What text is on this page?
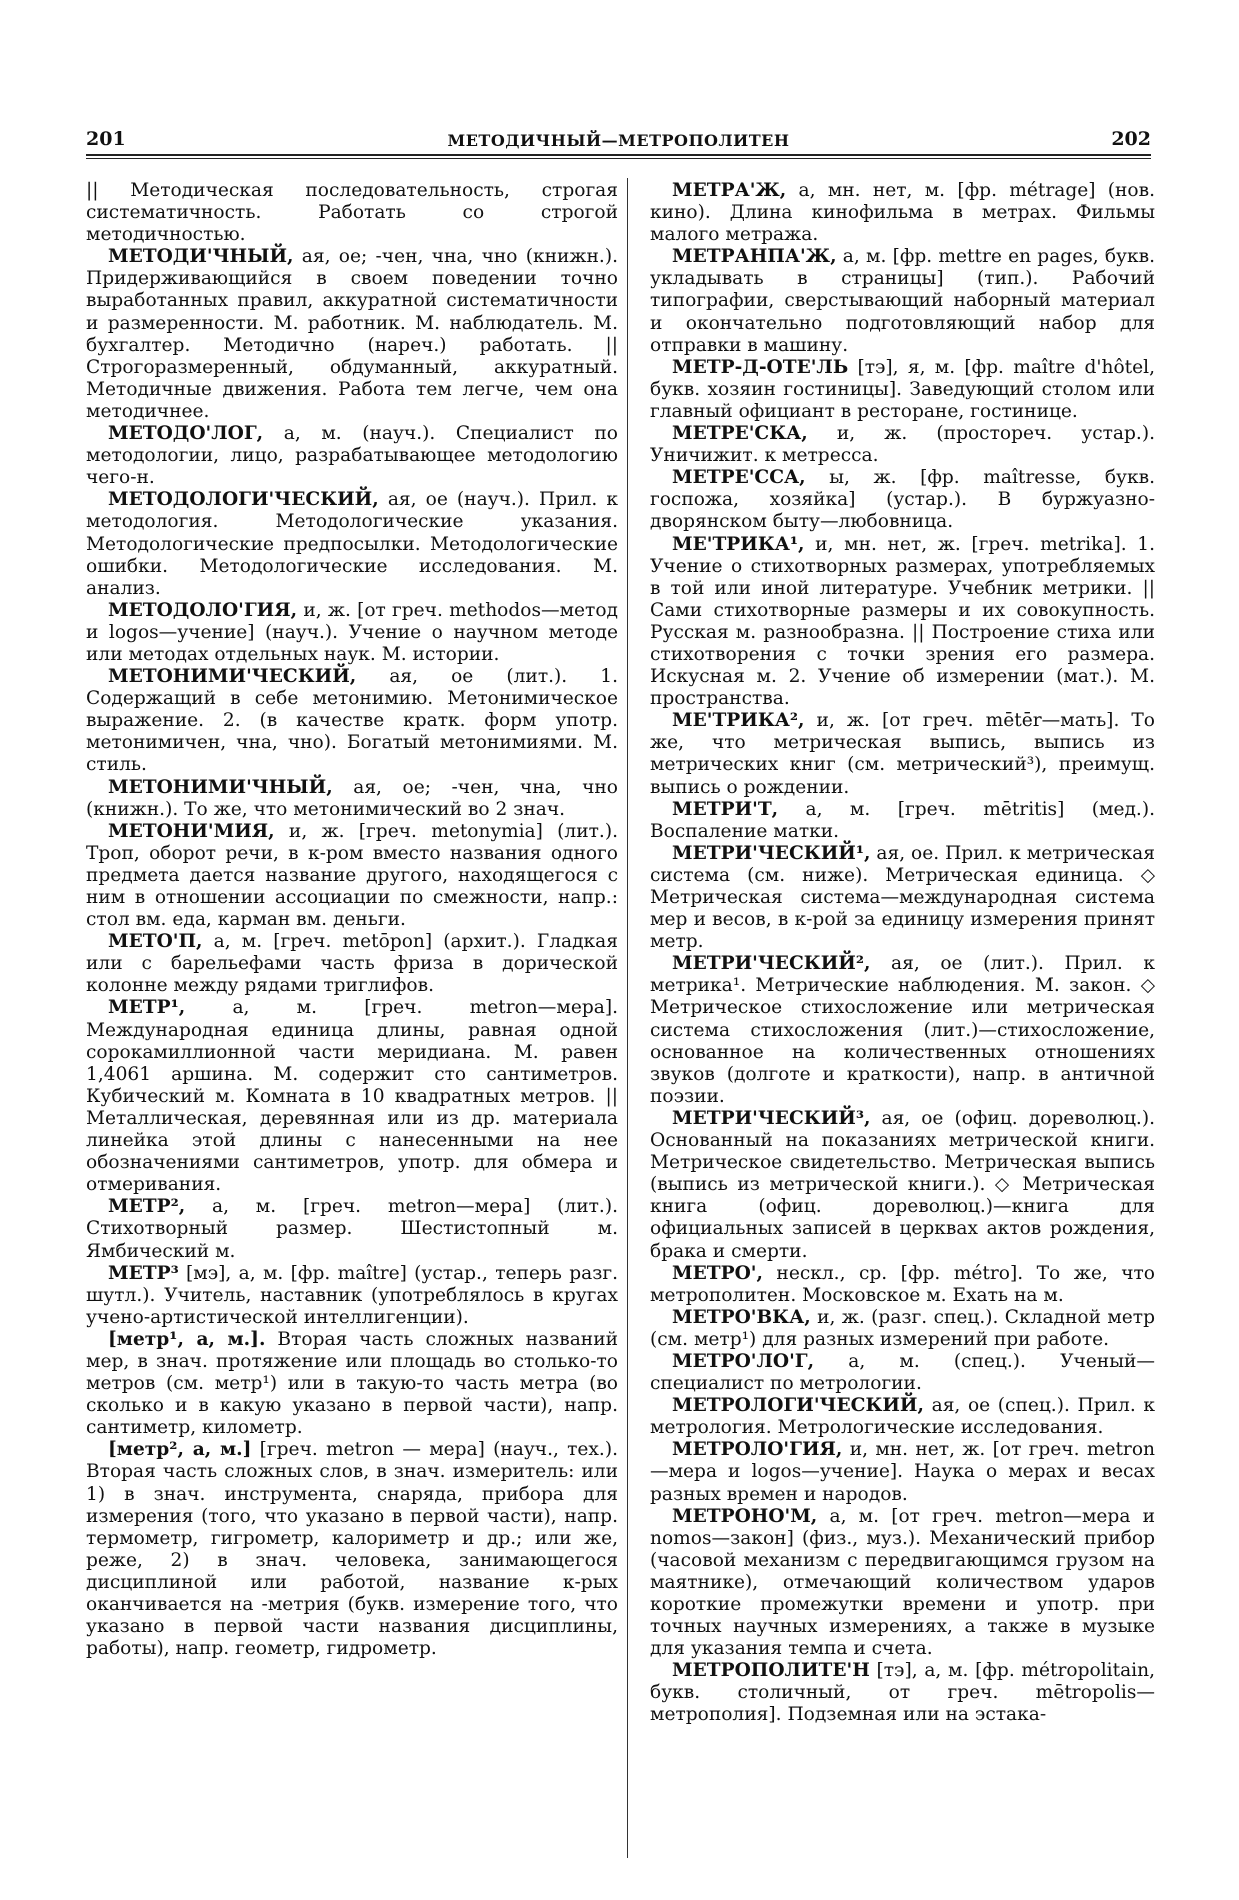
201	МЕТОДИЧНЫЙ—МЕТРОПОЛИТЕН	202

|| Методическая последовательность, строгая систематичность. Работать со строгой методичностью.

МЕТОДИ'ЧНЫЙ, ая, ое; -чен, чна, чно (книжн.). Придерживающийся в своем поведении точно выработанных правил, аккуратной систематичности и размеренности. М. работник. М. наблюдатель. М. бухгалтер. Методично (нареч.) работать. || Строгоразмеренный, обдуманный, аккуратный. Методичные движения. Работа тем легче, чем она методичнее.

МЕТОДО'ЛОГ, а, м. (науч.). Специалист по методологии, лицо, разрабатывающее методологию чего-н.

МЕТОДОЛОГИ'ЧЕСКИЙ, ая, ое (науч.). Прил. к методология. Методологические указания. Методологические предпосылки. Методологические ошибки. Методологические исследования. М. анализ.

МЕТОДОЛО'ГИЯ, и, ж. [от греч. methodos—метод и logos—учение] (науч.). Учение о научном методе или методах отдельных наук. М. истории.

МЕТОНИМИ'ЧЕСКИЙ, ая, ое (лит.). 1. Содержащий в себе метонимию. Метонимическое выражение. 2. (в качестве кратк. форм употр. метонимичен, чна, чно). Богатый метонимиями. М. стиль.

МЕТОНИМИ'ЧНЫЙ, ая, ое; -чен, чна, чно (книжн.). То же, что метонимический во 2 знач.

МЕТОНИ'МИЯ, и, ж. [греч. metonymia] (лит.). Троп, оборот речи, в к-ром вместо названия одного предмета дается название другого, находящегося с ним в отношении ассоциации по смежности, напр.: стол вм. еда, карман вм. деньги.

МЕТО'П, а, м. [греч. metōpon] (архит.). Гладкая или с барельефами часть фриза в дорической колонне между рядами триглифов.

МЕТР¹, а, м. [греч. metron—мера]. Международная единица длины, равная одной сорокамиллионной части меридиана. М. равен 1,4061 аршина. М. содержит сто сантиметров. Кубический м. Комната в 10 квадратных метров. || Металлическая, деревянная или из др. материала линейка этой длины с нанесенными на нее обозначениями сантиметров, употр. для обмера и отмеривания.

МЕТР², а, м. [греч. metron—мера] (лит.). Стихотворный размер. Шестистопный м. Ямбический м.

МЕТР³ [мэ], а, м. [фр. maître] (устар., теперь разг. шутл.). Учитель, наставник (употреблялось в кругах учено-артистической интеллигенции).

[метр¹, а, м.]. Вторая часть сложных названий мер, в знач. протяжение или площадь во столько-то метров (см. метр¹) или в такую-то часть метра (во сколько и в какую указано в первой части), напр. сантиметр, километр.

[метр², а, м.] [греч. metron — мера] (науч., тех.). Вторая часть сложных слов, в знач. измеритель: или 1) в знач. инструмента, снаряда, прибора для измерения (того, что указано в первой части), напр. термометр, гигрометр, калориметр и др.; или же, реже, 2) в знач. человека, занимающегося дисциплиной или работой, название к-рых оканчивается на -метрия (букв. измерение того, что указано в первой части названия дисциплины, работы), напр. геометр, гидрометр.

МЕТРА'Ж, а, мн. нет, м. [фр. métrage] (нов. кино). Длина кинофильма в метрах. Фильмы малого метража.

МЕТРАНПА'Ж, а, м. [фр. mettre en pages, букв. укладывать в страницы] (тип.). Рабочий типографии, сверстывающий наборный материал и окончательно подготовляющий набор для отправки в машину.

МЕТР-Д-ОТЕ'ЛЬ [тэ], я, м. [фр. maître d'hôtel, букв. хозяин гостиницы]. Заведующий столом или главный официант в ресторане, гостинице.

МЕТРЕ'СКА, и, ж. (простореч. устар.). Уничижит. к метресса.

МЕТРЕ'ССА, ы, ж. [фр. maîtresse, букв. госпожа, хозяйка] (устар.). В буржуазно-дворянском быту—любовница.

МЕ'ТРИКА¹, и, мн. нет, ж. [греч. metrikа]. 1. Учение о стихотворных размерах, употребляемых в той или иной литературе. Учебник метрики. || Сами стихотворные размеры и их совокупность. Русская м. разнообразна. || Построение стиха или стихотворения с точки зрения его размера. Искусная м. 2. Учение об измерении (мат.). М. пространства.

МЕ'ТРИКА², и, ж. [от греч. mētēr—мать]. То же, что метрическая выпись, выпись из метрических книг (см. метрический³), преимущ. выпись о рождении.

МЕТРИ'Т, а, м. [греч. mētritis] (мед.). Воспаление матки.

МЕТРИ'ЧЕСКИЙ¹, ая, ое. Прил. к метрическая система (см. ниже). Метрическая единица. ◇ Метрическая система—международная система мер и весов, в к-рой за единицу измерения принят метр.

МЕТРИ'ЧЕСКИЙ², ая, ое (лит.). Прил. к метрика¹. Метрические наблюдения. М. закон. ◇ Метрическое стихосложение или метрическая система стихосложения (лит.)—стихосложение, основанное на количественных отношениях звуков (долготе и краткости), напр. в античной поэзии.

МЕТРИ'ЧЕСКИЙ³, ая, ое (офиц. дореволюц.). Основанный на показаниях метрической книги. Метрическое свидетельство. Метрическая выпись (выпись из метрической книги.). ◇ Метрическая книга (офиц. дореволюц.)—книга для официальных записей в церквах актов рождения, брака и смерти.

МЕТРО', нескл., ср. [фр. métro]. То же, что метрополитен. Московское м. Ехать на м.

МЕТРО'ВКА, и, ж. (разг. спец.). Складной метр (см. метр¹) для разных измерений при работе.

МЕТРО'ЛО'Г, а, м. (спец.). Ученый—специалист по метрологии.

МЕТРОЛОГИ'ЧЕСКИЙ, ая, ое (спец.). Прил. к метрология. Метрологические исследования.

МЕТРОЛО'ГИЯ, и, мн. нет, ж. [от греч. metron—мера и logos—учение]. Наука о мерах и весах разных времен и народов.

МЕТРОНО'М, а, м. [от греч. metron—мера и nomos—закон] (физ., муз.). Механический прибор (часовой механизм с передвигающимся грузом на маятнике), отмечающий количеством ударов короткие промежутки времени и употр. при точных научных измерениях, а также в музыке для указания темпа и счета.

МЕТРОПОЛИТЕ'Н [тэ], а, м. [фр. métropolitain, букв. столичный, от греч. mētropolis—метрополия]. Подземная или на эстака-
